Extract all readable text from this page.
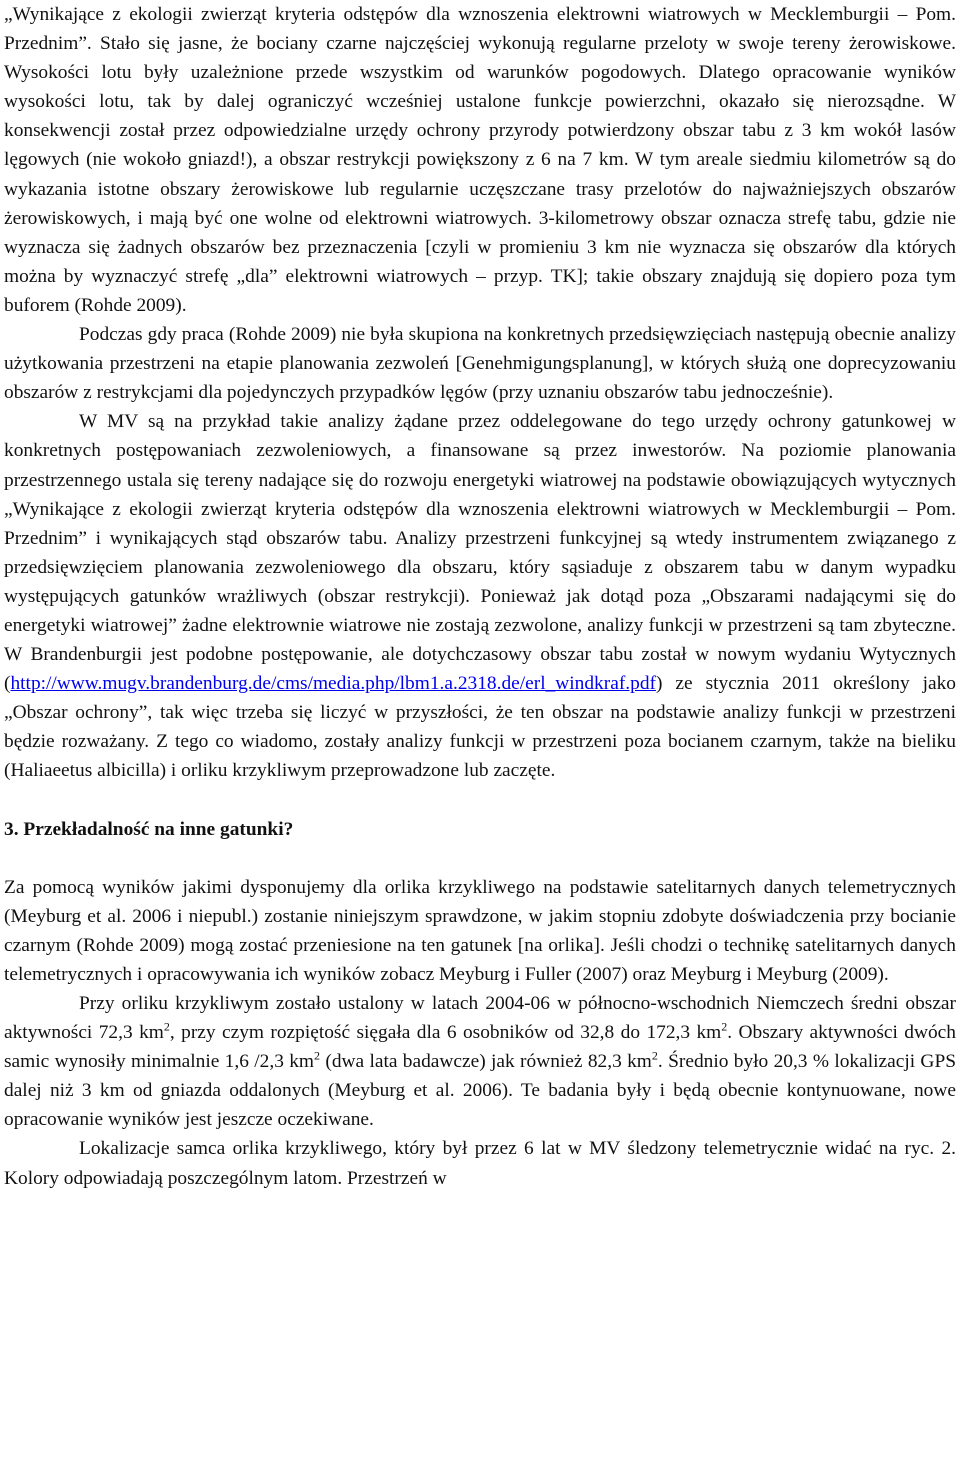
„Wynikające z ekologii zwierząt kryteria odstępów dla wznoszenia elektrowni wiatrowych w Mecklemburgii – Pom. Przednim”. Stało się jasne, że bociany czarne najczęściej wykonują regularne przeloty w swoje tereny żerowiskowe. Wysokości lotu były uzależnione przede wszystkim od warunków pogodowych. Dlatego opracowanie wyników wysokości lotu, tak by dalej ograniczyć wcześniej ustalone funkcje powierzchni, okazało się nierozsądne. W konsekwencji został przez odpowiedzialne urzędy ochrony przyrody potwierdzony obszar tabu z 3 km wokół lasów lęgowych (nie wokoło gniazd!), a obszar restrykcji powiększony z 6 na 7 km. W tym areale siedmiu kilometrów są do wykazania istotne obszary żerowiskowe lub regularnie uczęszczane trasy przelotów do najważniejszych obszarów żerowiskowych, i mają być one wolne od elektrowni wiatrowych. 3-kilometrowy obszar oznacza strefę tabu, gdzie nie wyznacza się żadnych obszarów bez przeznaczenia [czyli w promieniu 3 km nie wyznacza się obszarów dla których można by wyznaczyć strefę „dla” elektrowni wiatrowych – przyp. TK]; takie obszary znajdują się dopiero poza tym buforem (Rohde 2009).

Podczas gdy praca (Rohde 2009) nie była skupiona na konkretnych przedsięwzięciach następują obecnie analizy użytkowania przestrzeni na etapie planowania zezwoleń [Genehmigungsplanung], w których służą one doprecyzowaniu obszarów z restrykcjami dla pojedynczych przypadków lęgów (przy uznaniu obszarów tabu jednocześnie).

W MV są na przykład takie analizy żądane przez oddelegowane do tego urzędy ochrony gatunkowej w konkretnych postępowaniach zezwoleniowych, a finansowane są przez inwestorów. Na poziomie planowania przestrzennego ustala się tereny nadające się do rozwoju energetyki wiatrowej na podstawie obowiązujących wytycznych „Wynikające z ekologii zwierząt kryteria odstępów dla wznoszenia elektrowni wiatrowych w Mecklemburgii – Pom. Przednim” i wynikających stąd obszarów tabu. Analizy przestrzeni funkcyjnej są wtedy instrumentem związanego z przedsięwzięciem planowania zezwoleniowego dla obszaru, który sąsiaduje z obszarem tabu w danym wypadku występujących gatunków wrażliwych (obszar restrykcji). Ponieważ jak dotąd poza „Obszarami nadającymi się do energetyki wiatrowej” żadne elektrownie wiatrowe nie zostają zezwolone, analizy funkcji w przestrzeni są tam zbyteczne. W Brandenburgii jest podobne postępowanie, ale dotychczasowy obszar tabu został w nowym wydaniu Wytycznych (http://www.mugv.brandenburg.de/cms/media.php/lbm1.a.2318.de/erl_windkraf.pdf) ze stycznia 2011 określony jako „Obszar ochrony”, tak więc trzeba się liczyć w przyszłości, że ten obszar na podstawie analizy funkcji w przestrzeni będzie rozważany. Z tego co wiadomo, zostały analizy funkcji w przestrzeni poza bocianem czarnym, także na bieliku (Haliaeetus albicilla) i orliku krzykliwym przeprowadzone lub zaczęte.

3. Przekładalność na inne gatunki?

Za pomocą wyników jakimi dysponujemy dla orlika krzykliwego na podstawie satelitarnych danych telemetrycznych (Meyburg et al. 2006 i niepubl.) zostanie niniejszym sprawdzone, w jakim stopniu zdobyte doświadczenia przy bocianie czarnym (Rohde 2009) mogą zostać przeniesione na ten gatunek [na orlika]. Jeśli chodzi o technikę satelitarnych danych telemetrycznych i opracowywania ich wyników zobacz Meyburg i Fuller (2007) oraz Meyburg i Meyburg (2009).

Przy orliku krzykliwym zostało ustalony w latach 2004-06 w północno-wschodnich Niemczech średni obszar aktywności 72,3 $km^2$, przy czym rozpiętość sięgała dla 6 osobników od 32,8 do 172,3 $km^2$. Obszary aktywności dwóch samic wynosiły minimalnie 1,6 /2,3 $km^2$ (dwa lata badawcze) jak również 82,3 $km^2$. Średnio było 20,3 % lokalizacji GPS dalej niż 3 km od gniazda oddalonych (Meyburg et al. 2006). Te badania były i będą obecnie kontynuowane, nowe opracowanie wyników jest jeszcze oczekiwane.

Lokalizacje samca orlika krzykliwego, który był przez 6 lat w MV śledzony telemetrycznie widać na ryc. 2. Kolory odpowiadają poszczególnym latom. Przestrzeń w
